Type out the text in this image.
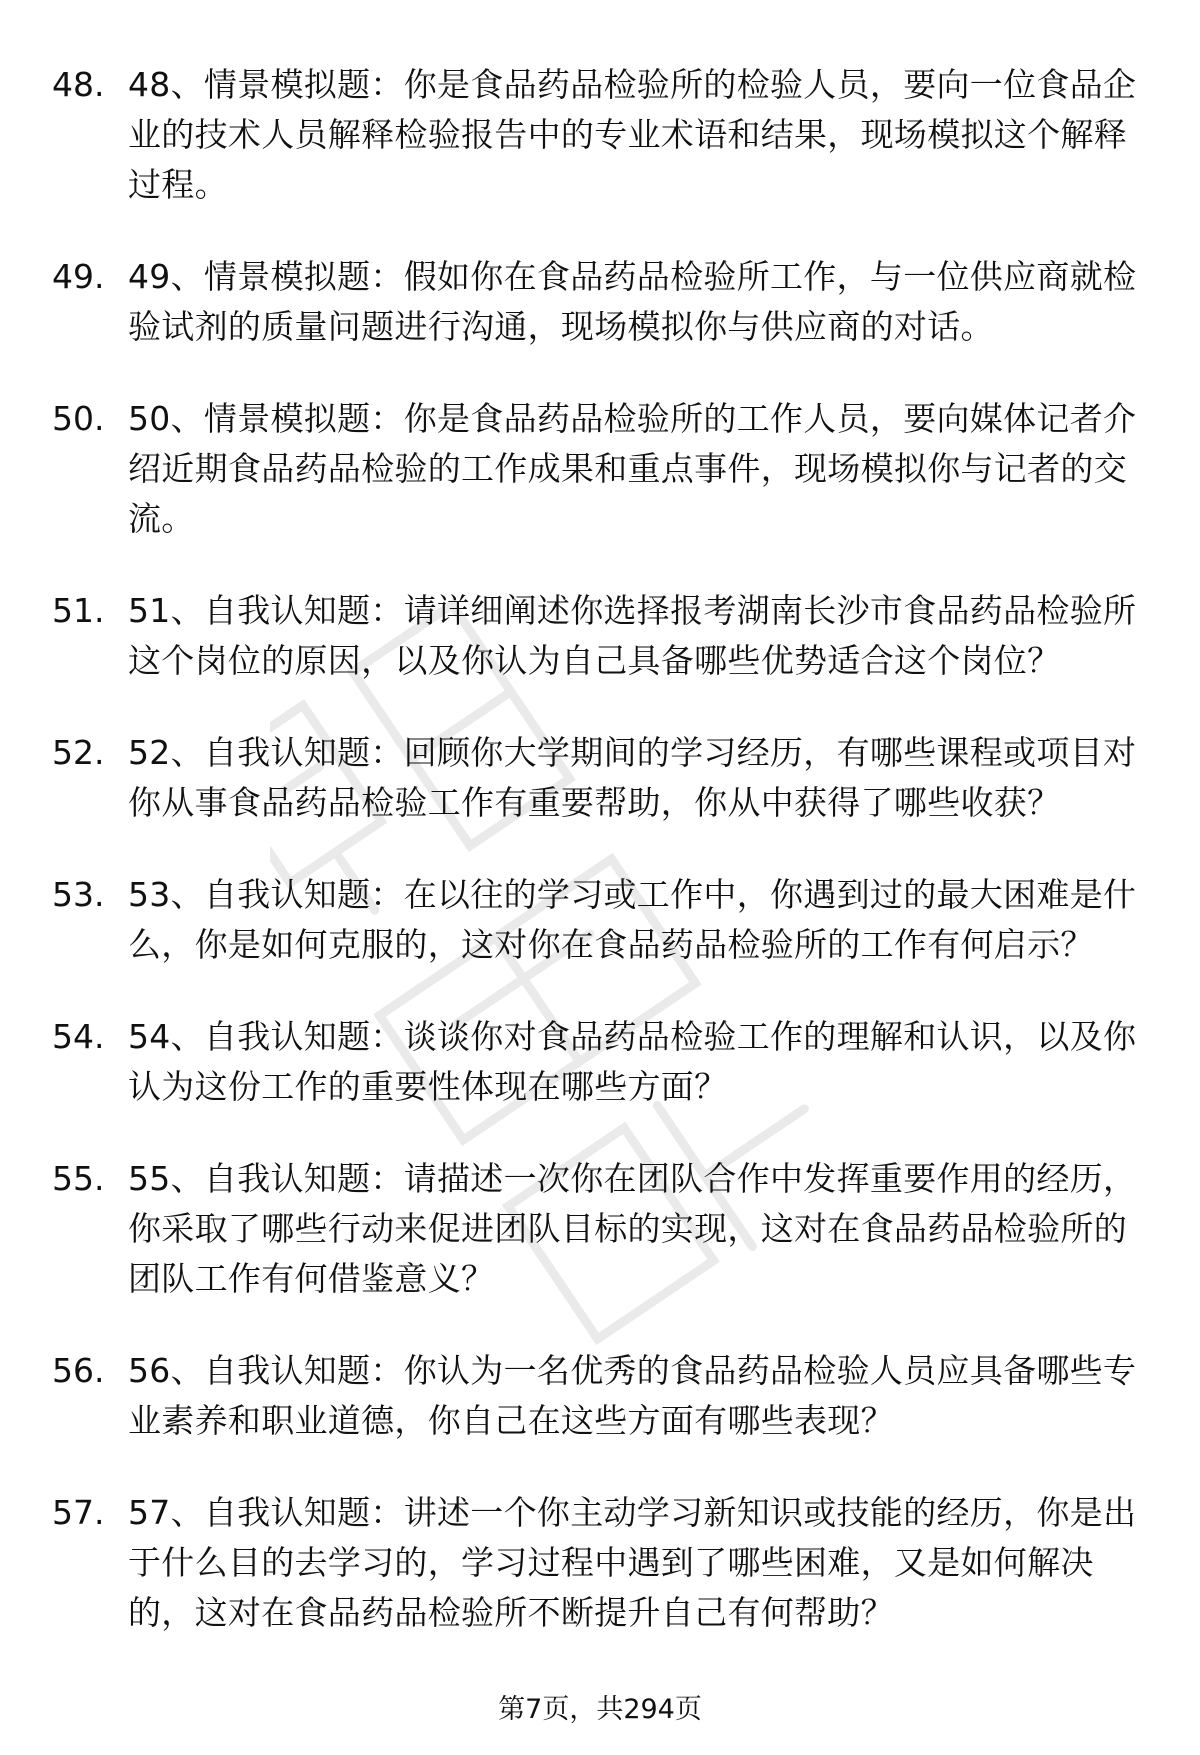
48. 48、情景模拟题：你是食品药品检验所的检验人员，要向一位食品企业的技术人员解释检验报告中的专业术语和结果，现场模拟这个解释过程。
49. 49、情景模拟题：假如你在食品药品检验所工作，与一位供应商就检验试剂的质量问题进行沟通，现场模拟你与供应商的对话。
50. 50、情景模拟题：你是食品药品检验所的工作人员，要向媒体记者介绍近期食品药品检验的工作成果和重点事件，现场模拟你与记者的交流。
51. 51、自我认知题：请详细阐述你选择报考湖南长沙市食品药品检验所这个岗位的原因，以及你认为自己具备哪些优势适合这个岗位？
52. 52、自我认知题：回顾你大学期间的学习经历，有哪些课程或项目对你从事食品药品检验工作有重要帮助，你从中获得了哪些收获？
53. 53、自我认知题：在以往的学习或工作中，你遇到过的最大困难是什么，你是如何克服的，这对你在食品药品检验所的工作有何启示？
54. 54、自我认知题：谈谈你对食品药品检验工作的理解和认识，以及你认为这份工作的重要性体现在哪些方面？
55. 55、自我认知题：请描述一次你在团队合作中发挥重要作用的经历，你采取了哪些行动来促进团队目标的实现，这对在食品药品检验所的团队工作有何借鉴意义？
56. 56、自我认知题：你认为一名优秀的食品药品检验人员应具备哪些专业素养和职业道德，你自己在这些方面有哪些表现？
57. 57、自我认知题：讲述一个你主动学习新知识或技能的经历，你是出于什么目的去学习的，学习过程中遇到了哪些困难，又是如何解决的，这对在食品药品检验所不断提升自己有何帮助？
第7页，共294页
